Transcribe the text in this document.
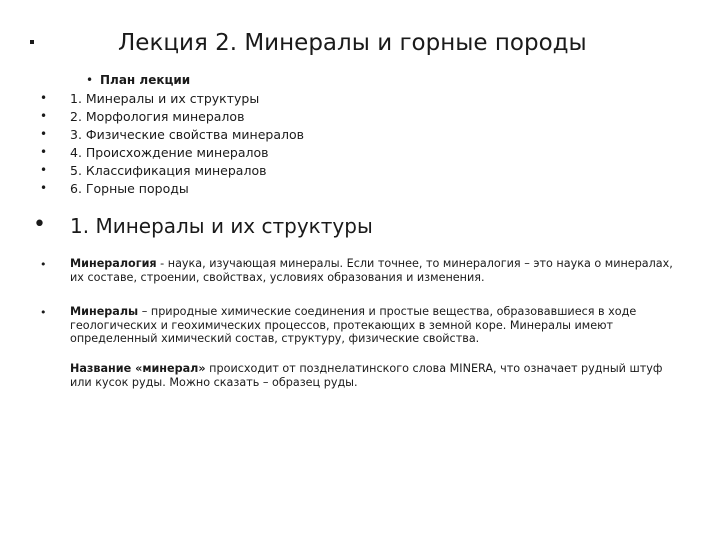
Лекция 2. Минералы и горные породы
• План лекции
• 1. Минералы и их структуры
• 2. Морфология минералов
• 3. Физические свойства минералов
• 4. Происхождение минералов
• 5. Классификация минералов
• 6. Горные породы
• 1. Минералы и их структуры
• Минералогия - наука, изучающая минералы. Если точнее, то минералогия – это наука о минералах, их составе, строении, свойствах, условиях образования и изменения.
• Минералы – природные химические соединения и простые вещества, образовавшиеся в ходе геологических и геохимических процессов, протекающих в земной коре. Минералы имеют определенный химический состав, структуру, физические свойства.
Название «минерал» происходит от позднелатинского слова MINERA, что означает рудный штуф или кусок руды. Можно сказать – образец руды.
